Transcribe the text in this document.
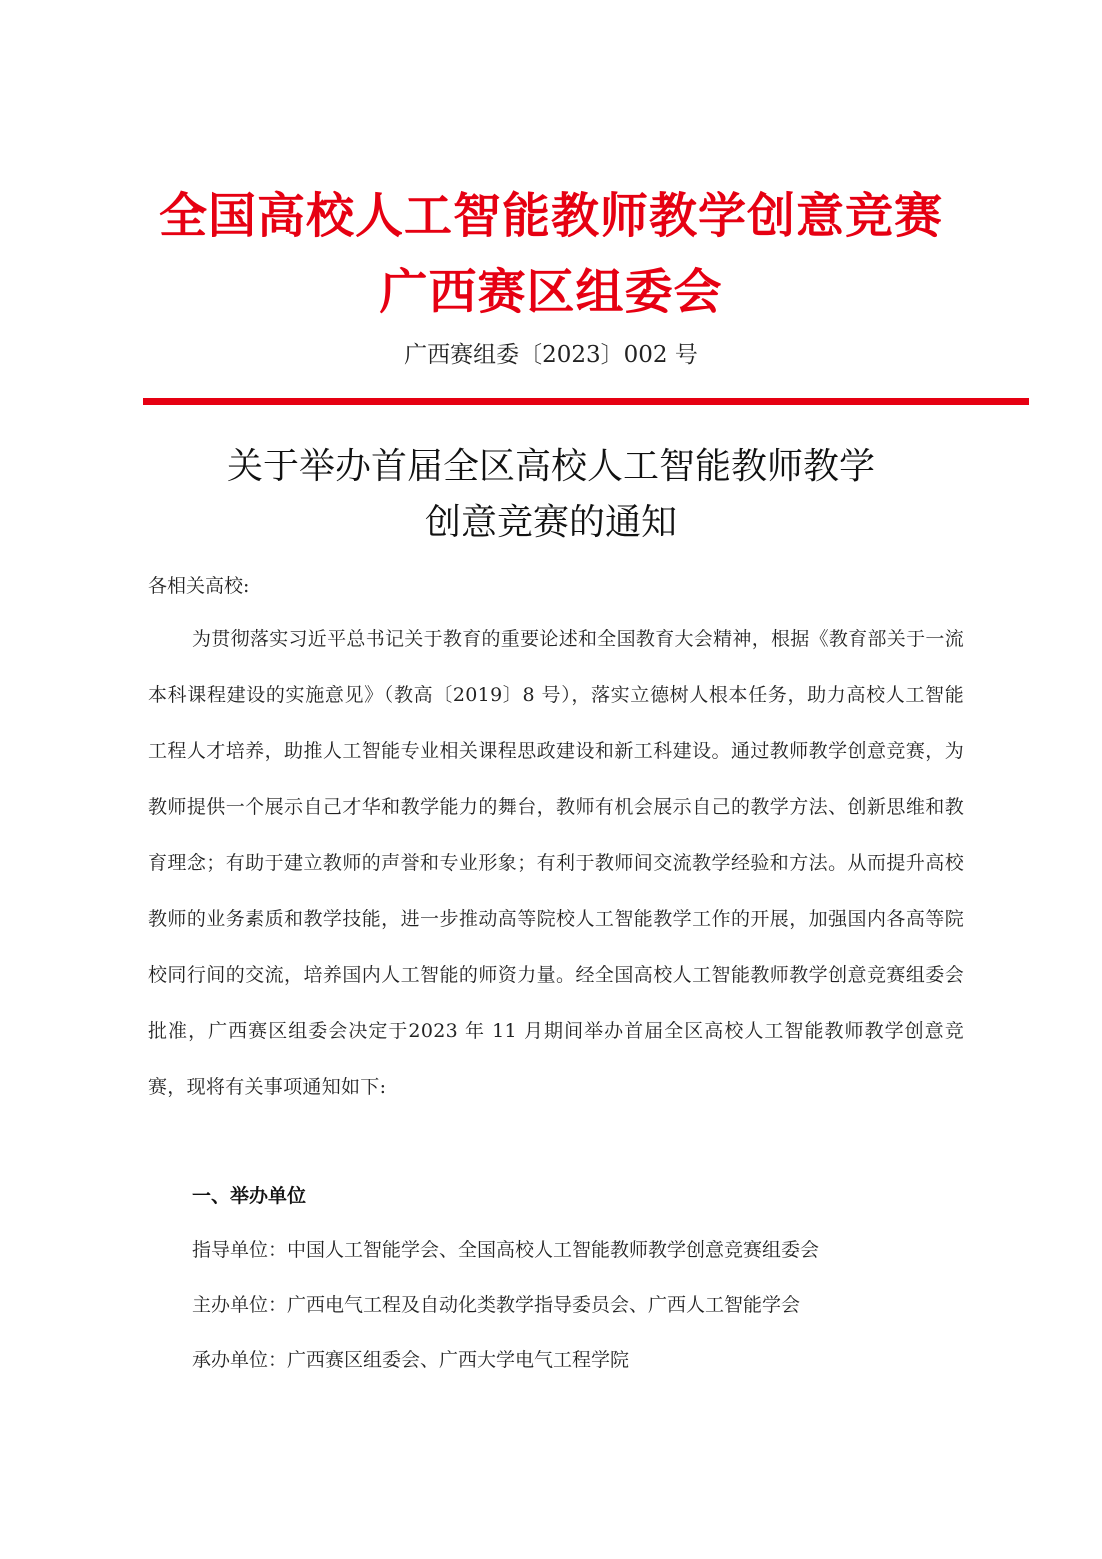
全国高校人工智能教师教学创意竞赛
广西赛区组委会
广西赛组委〔2023〕002 号
关于举办首届全区高校人工智能教师教学
创意竞赛的通知
各相关高校:
为贯彻落实习近平总书记关于教育的重要论述和全国教育大会精神，根据《教育部关于一流本科课程建设的实施意见》（教高〔2019〕8 号），落实立德树人根本任务，助力高校人工智能工程人才培养，助推人工智能专业相关课程思政建设和新工科建设。通过教师教学创意竞赛，为教师提供一个展示自己才华和教学能力的舞台，教师有机会展示自己的教学方法、创新思维和教育理念；有助于建立教师的声誉和专业形象；有利于教师间交流教学经验和方法。从而提升高校教师的业务素质和教学技能，进一步推动高等院校人工智能教学工作的开展，加强国内各高等院校同行间的交流，培养国内人工智能的师资力量。经全国高校人工智能教师教学创意竞赛组委会批准，广西赛区组委会决定于2023 年 11 月期间举办首届全区高校人工智能教师教学创意竞赛，现将有关事项通知如下:
一、举办单位
指导单位：中国人工智能学会、全国高校人工智能教师教学创意竞赛组委会
主办单位：广西电气工程及自动化类教学指导委员会、广西人工智能学会
承办单位：广西赛区组委会、广西大学电气工程学院
